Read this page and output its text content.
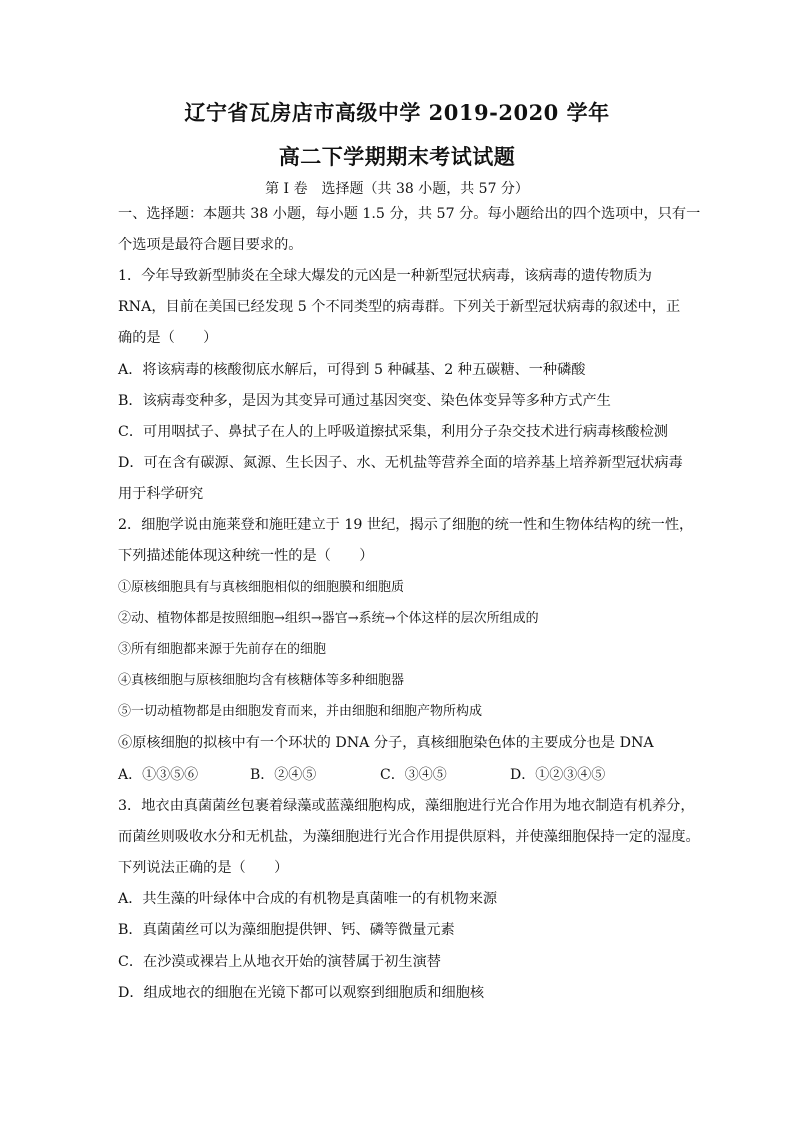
辽宁省瓦房店市高级中学 2019-2020 学年
高二下学期期末考试试题
第 I 卷　选择题（共 38 小题，共 57 分）
一、选择题：本题共 38 小题，每小题 1.5 分，共 57 分。每小题给出的四个选项中，只有一
个选项是最符合题目要求的。
1．今年导致新型肺炎在全球大爆发的元凶是一种新型冠状病毒，该病毒的遗传物质为
RNA，目前在美国已经发现 5 个不同类型的病毒群。下列关于新型冠状病毒的叙述中，正
确的是（　　）
A．将该病毒的核酸彻底水解后，可得到 5 种碱基、2 种五碳糖、一种磷酸
B．该病毒变种多，是因为其变异可通过基因突变、染色体变异等多种方式产生
C．可用咽拭子、鼻拭子在人的上呼吸道擦拭采集，利用分子杂交技术进行病毒核酸检测
D．可在含有碳源、氮源、生长因子、水、无机盐等营养全面的培养基上培养新型冠状病毒
用于科学研究
2．细胞学说由施莱登和施旺建立于 19 世纪，揭示了细胞的统一性和生物体结构的统一性，
下列描述能体现这种统一性的是（　　）
①原核细胞具有与真核细胞相似的细胞膜和细胞质
②动、植物体都是按照细胞→组织→器官→系统→个体这样的层次所组成的
③所有细胞都来源于先前存在的细胞
④真核细胞与原核细胞均含有核糖体等多种细胞器
⑤一切动植物都是由细胞发育而来，并由细胞和细胞产物所构成
⑥原核细胞的拟核中有一个环状的 DNA 分子，真核细胞染色体的主要成分也是 DNA
A．①③⑤⑥	B．②④⑤	C．③④⑤	D．①②③④⑤
3．地衣由真菌菌丝包裹着绿藻或蓝藻细胞构成，藻细胞进行光合作用为地衣制造有机养分，
而菌丝则吸收水分和无机盐，为藻细胞进行光合作用提供原料，并使藻细胞保持一定的湿度。
下列说法正确的是（　　）
A．共生藻的叶绿体中合成的有机物是真菌唯一的有机物来源
B．真菌菌丝可以为藻细胞提供钾、钙、磷等微量元素
C．在沙漠或裸岩上从地衣开始的演替属于初生演替
D．组成地衣的细胞在光镜下都可以观察到细胞质和细胞核
